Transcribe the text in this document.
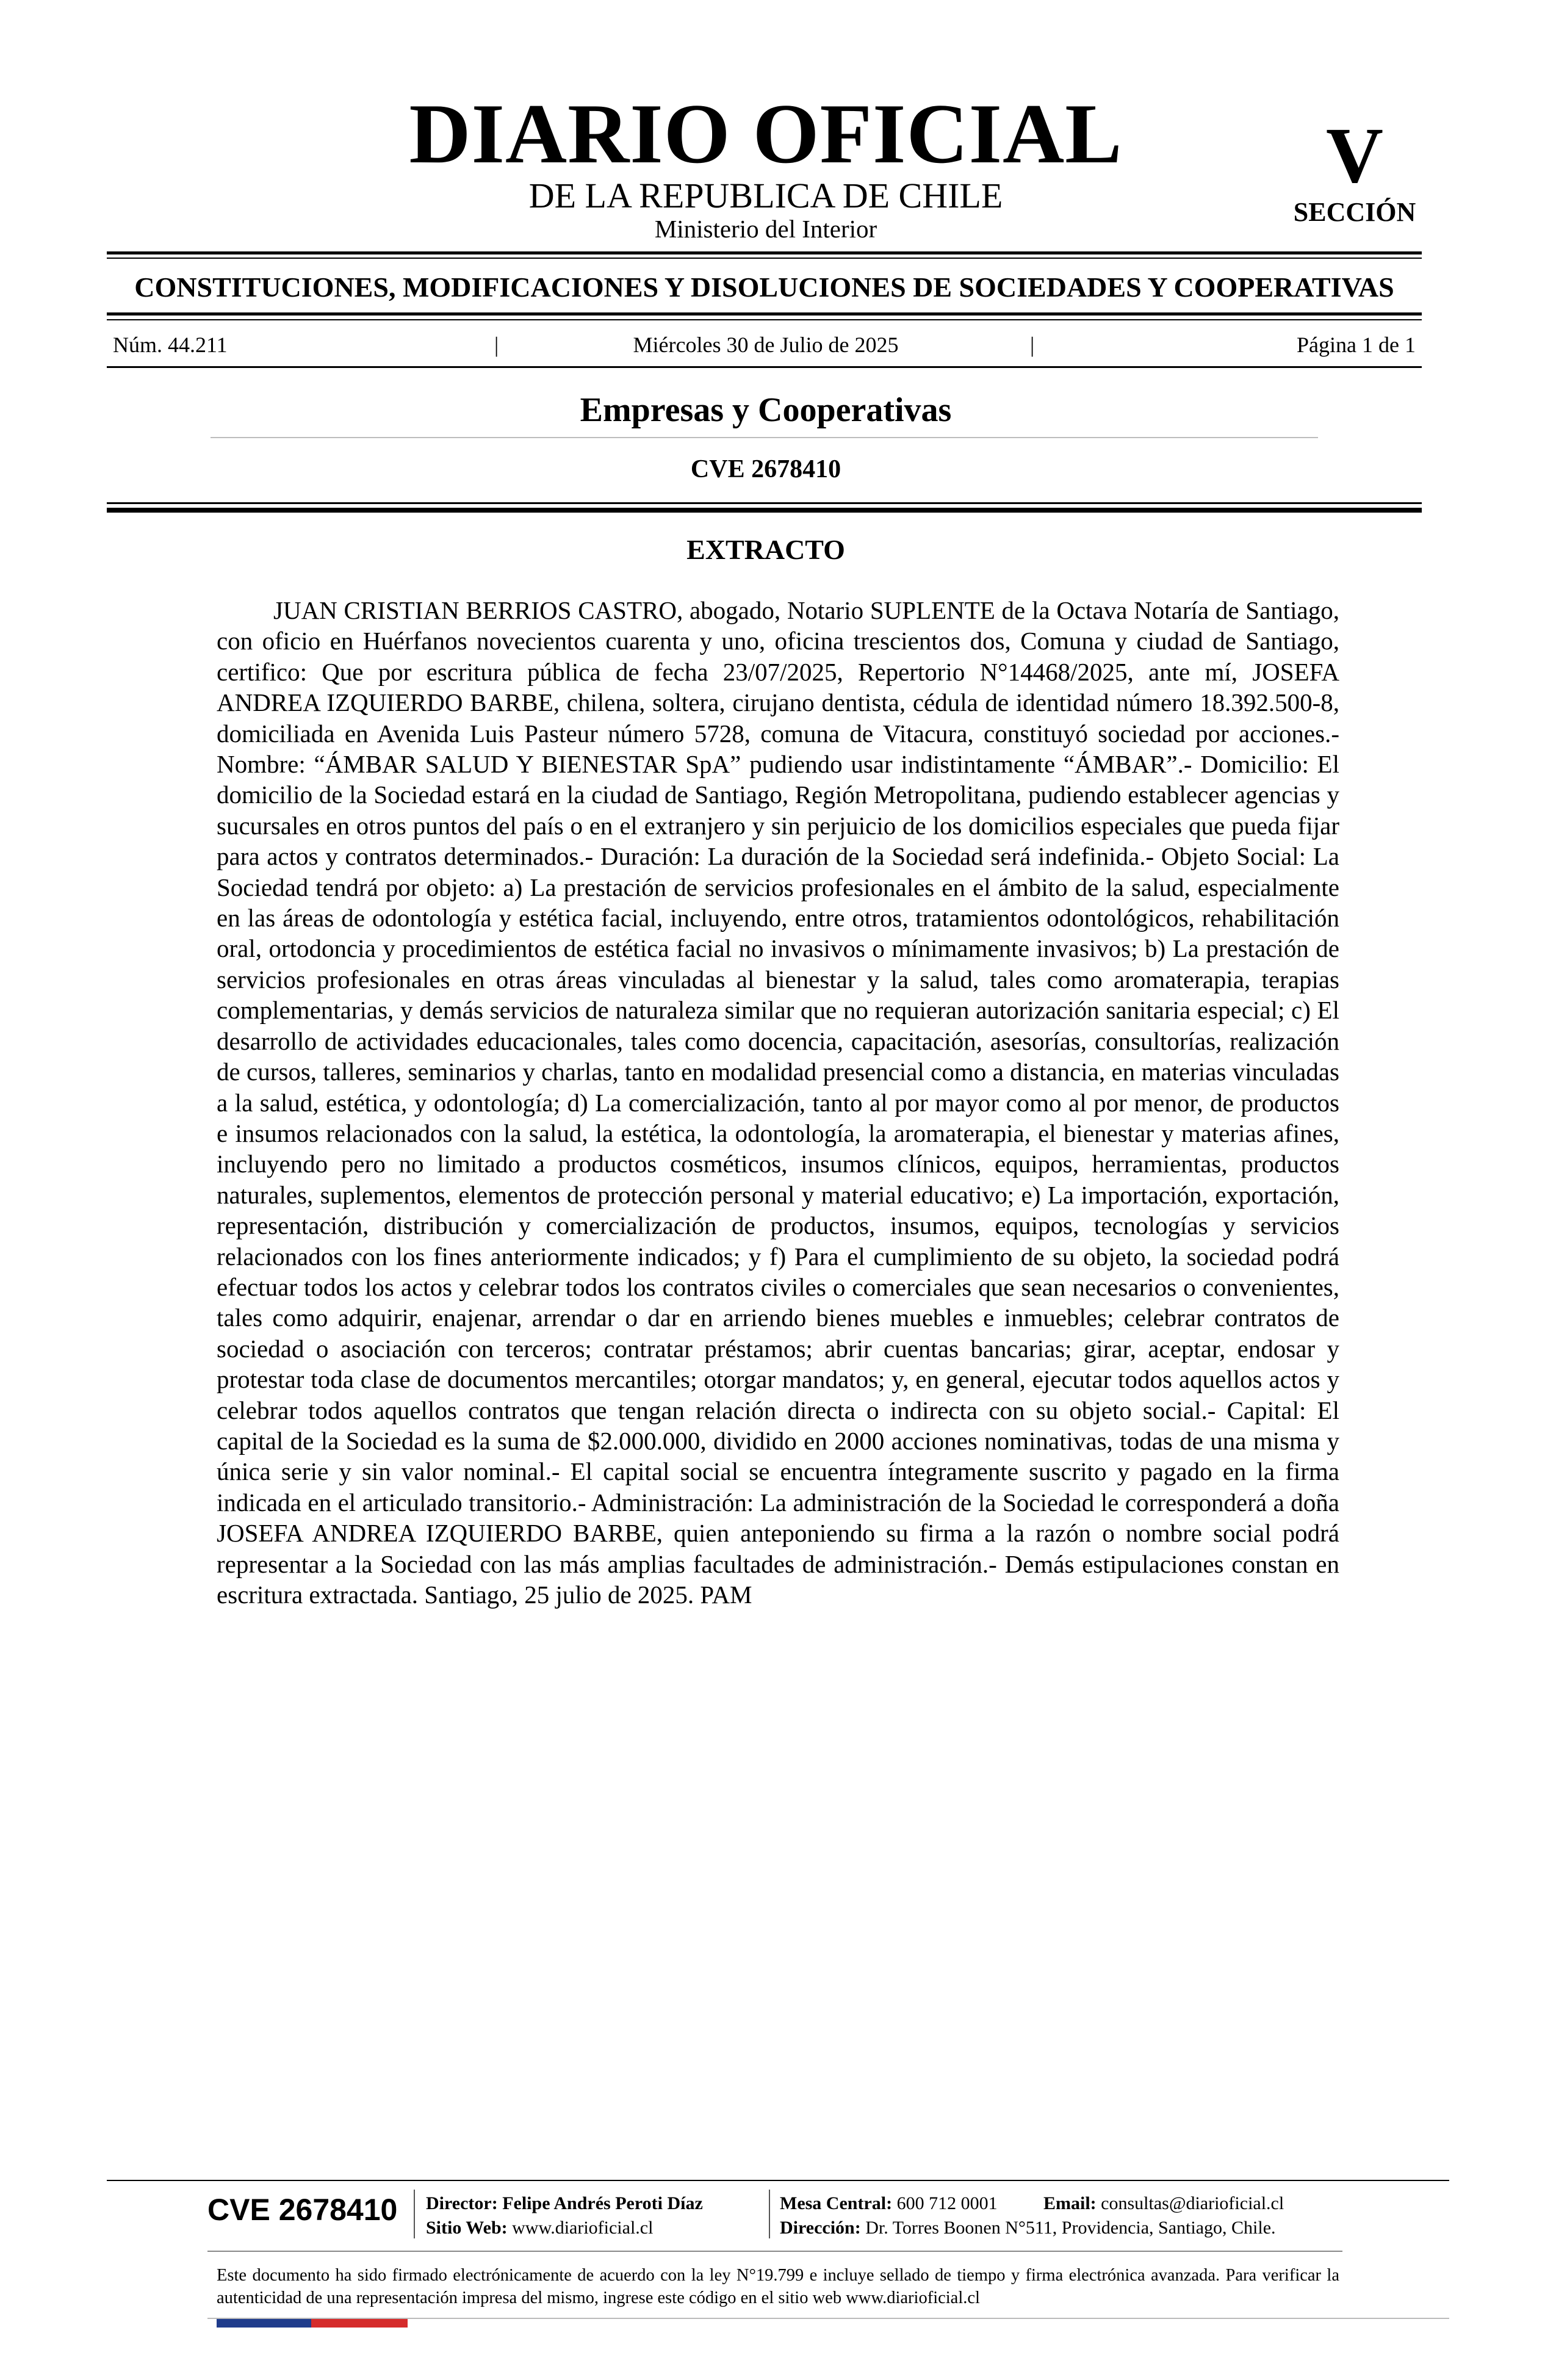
DIARIO OFICIAL
DE LA REPUBLICA DE CHILE
Ministerio del Interior
V
SECCIÓN
CONSTITUCIONES, MODIFICACIONES Y DISOLUCIONES DE SOCIEDADES Y COOPERATIVAS
Núm. 44.211	|	Miércoles 30 de Julio de 2025	|	Página 1 de 1
Empresas y Cooperativas
CVE 2678410
EXTRACTO

JUAN CRISTIAN BERRIOS CASTRO, abogado, Notario SUPLENTE de la Octava Notaría de Santiago, con oficio en Huérfanos novecientos cuarenta y uno, oficina trescientos dos, Comuna y ciudad de Santiago, certifico: Que por escritura pública de fecha 23/07/2025, Repertorio N°14468/2025, ante mí, JOSEFA ANDREA IZQUIERDO BARBE, chilena, soltera, cirujano dentista, cédula de identidad número 18.392.500-8, domiciliada en Avenida Luis Pasteur número 5728, comuna de Vitacura, constituyó sociedad por acciones.- Nombre: “ÁMBAR SALUD Y BIENESTAR SpA” pudiendo usar indistintamente “ÁMBAR”.- Domicilio: El domicilio de la Sociedad estará en la ciudad de Santiago, Región Metropolitana, pudiendo establecer agencias y sucursales en otros puntos del país o en el extranjero y sin perjuicio de los domicilios especiales que pueda fijar para actos y contratos determinados.- Duración: La duración de la Sociedad será indefinida.- Objeto Social: La Sociedad tendrá por objeto: a) La prestación de servicios profesionales en el ámbito de la salud, especialmente en las áreas de odontología y estética facial, incluyendo, entre otros, tratamientos odontológicos, rehabilitación oral, ortodoncia y procedimientos de estética facial no invasivos o mínimamente invasivos; b) La prestación de servicios profesionales en otras áreas vinculadas al bienestar y la salud, tales como aromaterapia, terapias complementarias, y demás servicios de naturaleza similar que no requieran autorización sanitaria especial; c) El desarrollo de actividades educacionales, tales como docencia, capacitación, asesorías, consultorías, realización de cursos, talleres, seminarios y charlas, tanto en modalidad presencial como a distancia, en materias vinculadas a la salud, estética, y odontología; d) La comercialización, tanto al por mayor como al por menor, de productos e insumos relacionados con la salud, la estética, la odontología, la aromaterapia, el bienestar y materias afines, incluyendo pero no limitado a productos cosméticos, insumos clínicos, equipos, herramientas, productos naturales, suplementos, elementos de protección personal y material educativo; e) La importación, exportación, representación, distribución y comercialización de productos, insumos, equipos, tecnologías y servicios relacionados con los fines anteriormente indicados; y f) Para el cumplimiento de su objeto, la sociedad podrá efectuar todos los actos y celebrar todos los contratos civiles o comerciales que sean necesarios o convenientes, tales como adquirir, enajenar, arrendar o dar en arriendo bienes muebles e inmuebles; celebrar contratos de sociedad o asociación con terceros; contratar préstamos; abrir cuentas bancarias; girar, aceptar, endosar y protestar toda clase de documentos mercantiles; otorgar mandatos; y, en general, ejecutar todos aquellos actos y celebrar todos aquellos contratos que tengan relación directa o indirecta con su objeto social.- Capital: El capital de la Sociedad es la suma de $2.000.000, dividido en 2000 acciones nominativas, todas de una misma y única serie y sin valor nominal.- El capital social se encuentra íntegramente suscrito y pagado en la firma indicada en el articulado transitorio.- Administración: La administración de la Sociedad le corresponderá a doña JOSEFA ANDREA IZQUIERDO BARBE, quien anteponiendo su firma a la razón o nombre social podrá representar a la Sociedad con las más amplias facultades de administración.- Demás estipulaciones constan en escritura extractada. Santiago, 25 julio de 2025. PAM

CVE 2678410 Director: Felipe Andrés Peroti Díaz
Sitio Web: www.diarioficial.cl
Mesa Central: 600 712 0001	Email: consultas@diarioficial.cl
Dirección: Dr. Torres Boonen N°511, Providencia, Santiago, Chile.

Este documento ha sido firmado electrónicamente de acuerdo con la ley N°19.799 e incluye sellado de tiempo y firma electrónica avanzada. Para verificar la autenticidad de una representación impresa del mismo, ingrese este código en el sitio web www.diarioficial.cl
